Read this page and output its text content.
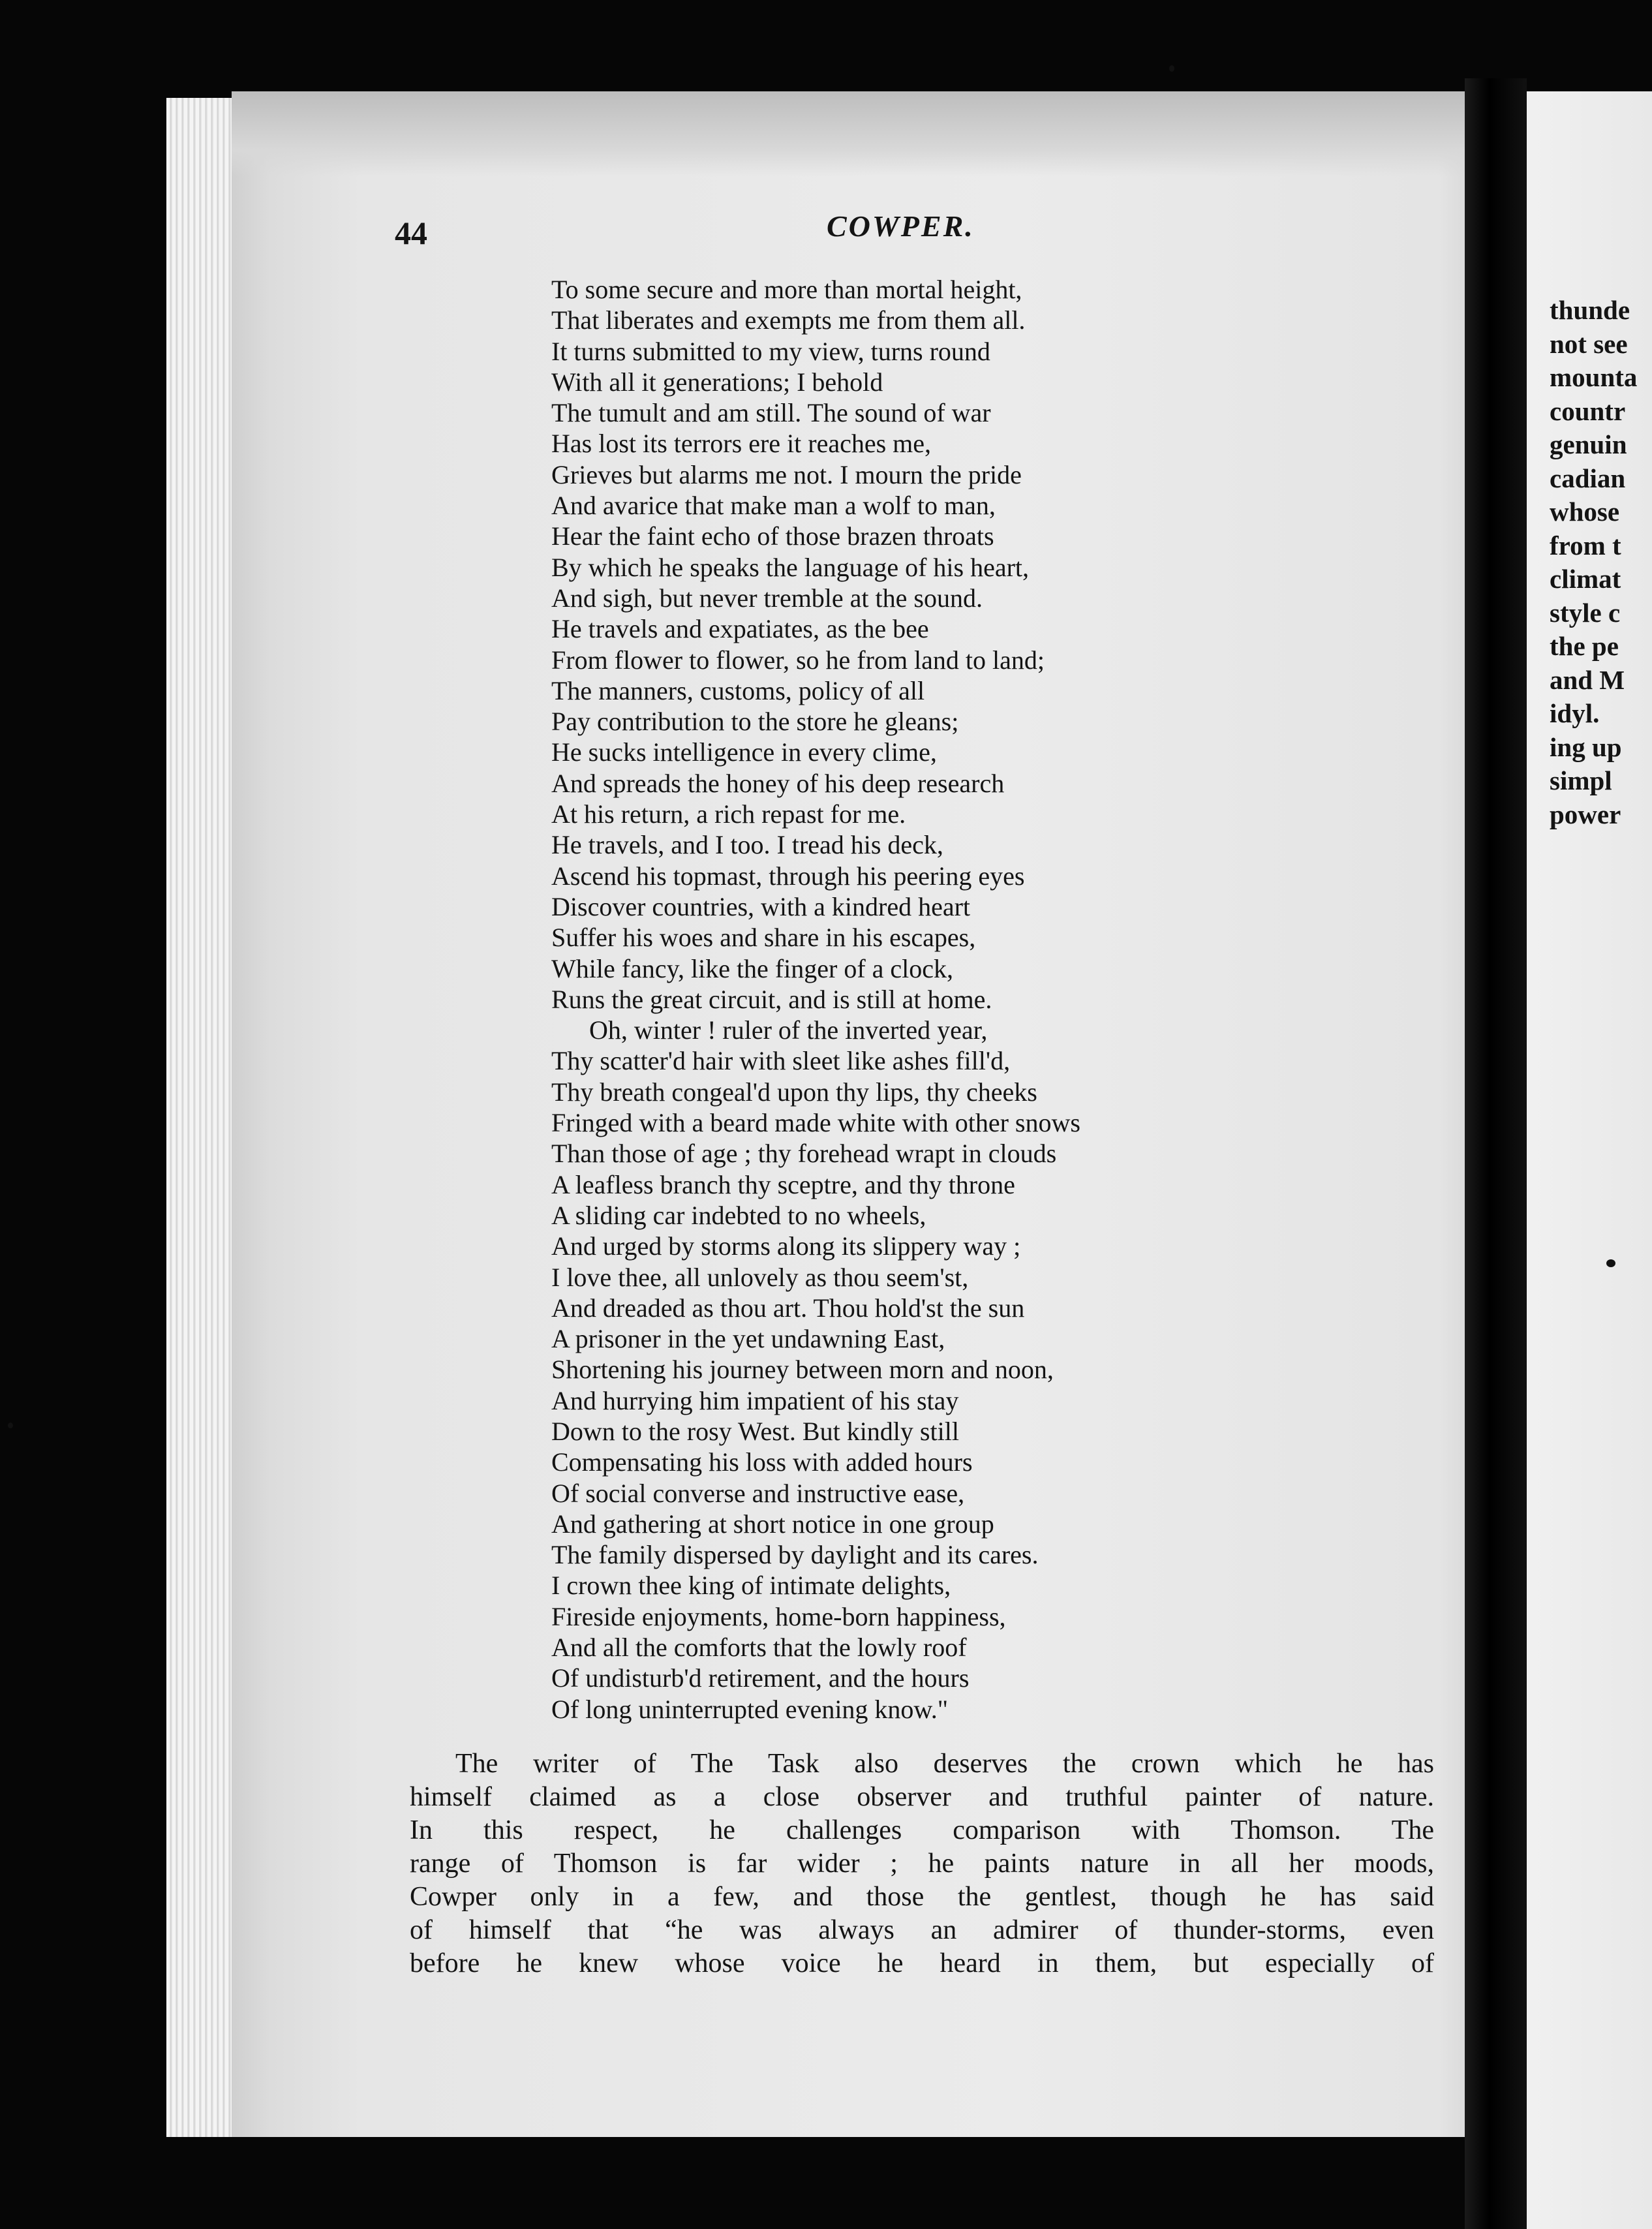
44	COWPER.
To some secure and more than mortal height,
That liberates and exempts me from them all.
It turns submitted to my view, turns round
With all it generations; I behold
The tumult and am still. The sound of war
Has lost its terrors ere it reaches me,
Grieves but alarms me not. I mourn the pride
And avarice that make man a wolf to man,
Hear the faint echo of those brazen throats
By which he speaks the language of his heart,
And sigh, but never tremble at the sound.
He travels and expatiates, as the bee
From flower to flower, so he from land to land;
The manners, customs, policy of all
Pay contribution to the store he gleans;
He sucks intelligence in every clime,
And spreads the honey of his deep research
At his return, a rich repast for me.
He travels, and I too. I tread his deck,
Ascend his topmast, through his peering eyes
Discover countries, with a kindred heart
Suffer his woes and share in his escapes,
While fancy, like the finger of a clock,
Runs the great circuit, and is still at home.
Oh, winter ! ruler of the inverted year,
Thy scatter'd hair with sleet like ashes fill'd,
Thy breath congeal'd upon thy lips, thy cheeks
Fringed with a beard made white with other snows
Than those of age ; thy forehead wrapt in clouds
A leafless branch thy sceptre, and thy throne
A sliding car indebted to no wheels,
And urged by storms along its slippery way ;
I love thee, all unlovely as thou seem'st,
And dreaded as thou art. Thou hold'st the sun
A prisoner in the yet undawning East,
Shortening his journey between morn and noon,
And hurrying him impatient of his stay
Down to the rosy West. But kindly still
Compensating his loss with added hours
Of social converse and instructive ease,
And gathering at short notice in one group
The family dispersed by daylight and its cares.
I crown thee king of intimate delights,
Fireside enjoyments, home-born happiness,
And all the comforts that the lowly roof
Of undisturb'd retirement, and the hours
Of long uninterrupted evening know."
The writer of The Task also deserves the crown which he has
himself claimed as a close observer and truthful painter of nature.
In this respect, he challenges comparison with Thomson. The
range of Thomson is far wider ; he paints nature in all her moods,
Cowper only in a few, and those the gentlest, though he has said
of himself that “he was always an admirer of thunder-storms, even
before he knew whose voice he heard in them, but especially of
thunde
not see
mounta
countr
genuin
cadian
whose
from t
climat
style c
the pe
and M
idyl.
ing up
simpl
power
